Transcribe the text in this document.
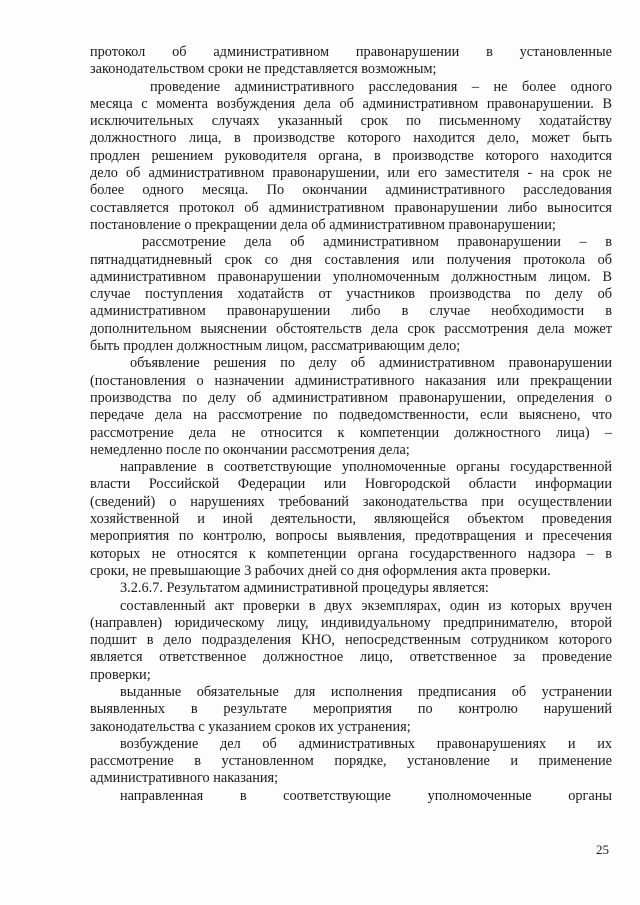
протокол об административном правонарушении в установленные
законодательством сроки не представляется возможным;
проведение административного расследования – не более одного
месяца с момента возбуждения дела об административном правонарушении. В
исключительных случаях указанный срок по письменному ходатайству
должностного лица, в производстве которого находится дело, может быть
продлен решением руководителя органа, в производстве которого находится
дело об административном правонарушении, или его заместителя - на срок не
более одного месяца. По окончании административного расследования
составляется протокол об административном правонарушении либо выносится
постановление о прекращении дела об административном правонарушении;
рассмотрение дела об административном правонарушении – в
пятнадцатидневный срок со дня составления или получения протокола об
административном правонарушении уполномоченным должностным лицом. В
случае поступления ходатайств от участников производства по делу об
административном правонарушении либо в случае необходимости в
дополнительном выяснении обстоятельств дела срок рассмотрения дела может
быть продлен должностным лицом, рассматривающим дело;
объявление решения по делу об административном правонарушении
(постановления о назначении административного наказания или прекращении
производства по делу об административном правонарушении, определения о
передаче дела на рассмотрение по подведомственности, если выяснено, что
рассмотрение дела не относится к компетенции должностного лица) –
немедленно после по окончании рассмотрения дела;
направление в соответствующие уполномоченные органы государственной
власти Российской Федерации или Новгородской области информации
(сведений) о нарушениях требований законодательства при осуществлении
хозяйственной и иной деятельности, являющейся объектом проведения
мероприятия по контролю, вопросы выявления, предотвращения и пресечения
которых не относятся к компетенции органа государственного надзора – в
сроки, не превышающие 3 рабочих дней со дня оформления акта проверки.
3.2.6.7. Результатом административной процедуры является:
составленный акт проверки в двух экземплярах, один из которых вручен
(направлен) юридическому лицу, индивидуальному предпринимателю, второй
подшит в дело подразделения КНО, непосредственным сотрудником которого
является ответственное должностное лицо, ответственное за проведение
проверки;
выданные обязательные для исполнения предписания об устранении
выявленных в результате мероприятия по контролю нарушений
законодательства с указанием сроков их устранения;
возбуждение дел об административных правонарушениях и их
рассмотрение в установленном порядке, установление и применение
административного наказания;
направленная в соответствующие уполномоченные органы
25
